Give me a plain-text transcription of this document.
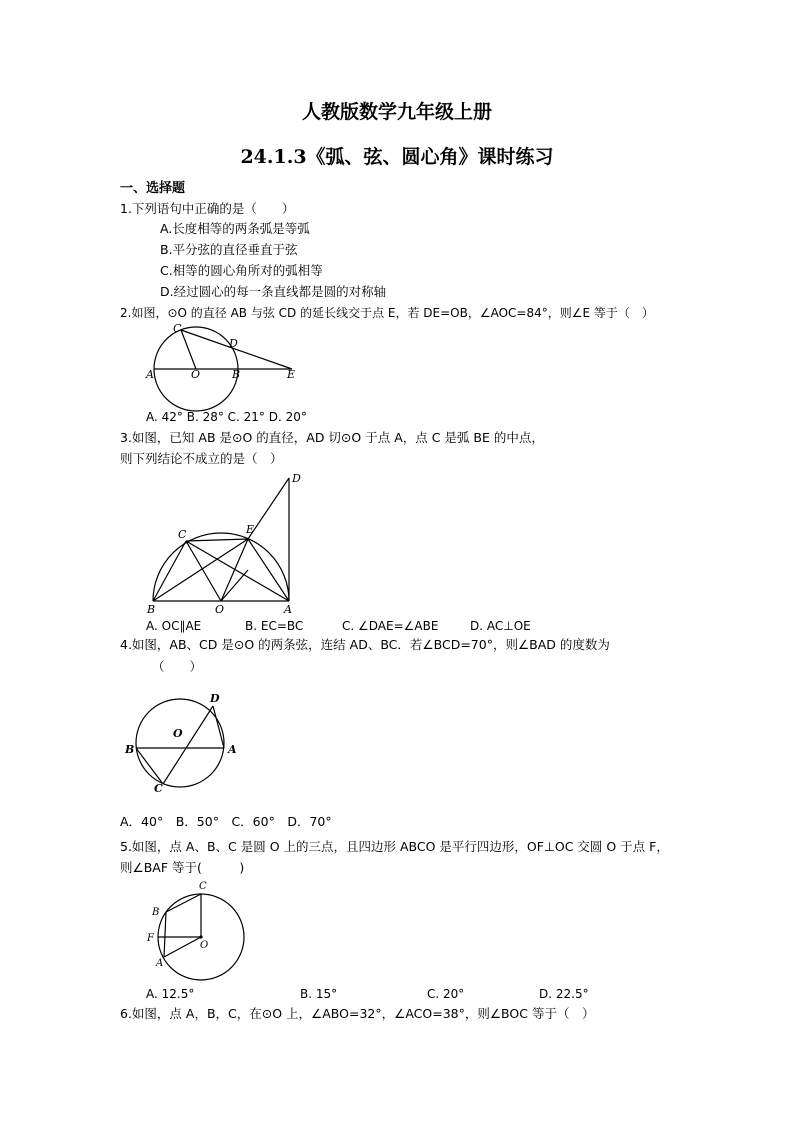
人教版数学九年级上册
24.1.3《弧、弦、圆心角》课时练习
一、选择题
1.下列语句中正确的是（　　）
A.长度相等的两条弧是等弧
B.平分弦的直径垂直于弦
C.相等的圆心角所对的弧相等
D.经过圆心的每一条直线都是圆的对称轴
2.如图，⊙O 的直径 AB 与弦 CD 的延长线交于点 E，若 DE=OB，∠AOC=84°，则∠E 等于（　）
C
D
A	O	B	E
A. 42° B. 28° C. 21° D. 20°
3.如图，已知 AB 是⊙O 的直径，AD 切⊙O 于点 A，点 C 是弧 BE 的中点，
则下列结论不成立的是（　）
D
C	E
B	O	A
A. OC∥AE	B. EC=BC	C. ∠DAE=∠ABE	D. AC⊥OE
4.如图，AB、CD 是⊙O 的两条弦，连结 AD、BC．若∠BCD=70°，则∠BAD 的度数为
（　　）
D
O
B	A
C
A．40°　B．50°　C．60°　D．70°
5.如图，点 A、B、C 是圆 O 上的三点，且四边形 ABCO 是平行四边形，OF⊥OC 交圆 O 于点 F，
则∠BAF 等于(　　　)
C
B
F
O
A
A. 12.5°	B. 15°	C. 20°	D. 22.5°
6.如图，点 A，B，C，在⊙O 上，∠ABO=32°，∠ACO=38°，则∠BOC 等于（　）
